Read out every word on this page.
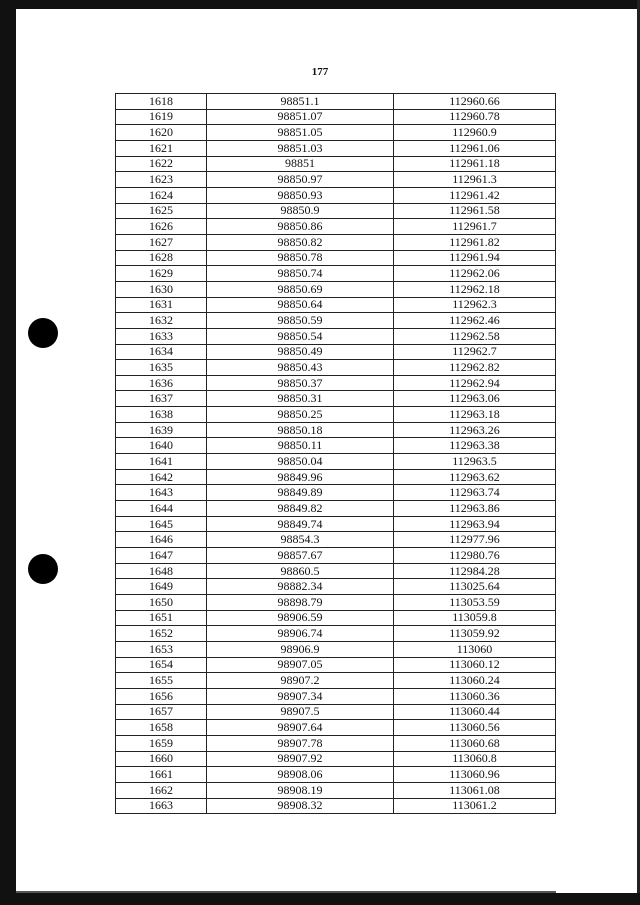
177
1618	98851.1	112960.66
1619	98851.07	112960.78
1620	98851.05	112960.9
1621	98851.03	112961.06
1622	98851	112961.18
1623	98850.97	112961.3
1624	98850.93	112961.42
1625	98850.9	112961.58
1626	98850.86	112961.7
1627	98850.82	112961.82
1628	98850.78	112961.94
1629	98850.74	112962.06
1630	98850.69	112962.18
1631	98850.64	112962.3
1632	98850.59	112962.46
1633	98850.54	112962.58
1634	98850.49	112962.7
1635	98850.43	112962.82
1636	98850.37	112962.94
1637	98850.31	112963.06
1638	98850.25	112963.18
1639	98850.18	112963.26
1640	98850.11	112963.38
1641	98850.04	112963.5
1642	98849.96	112963.62
1643	98849.89	112963.74
1644	98849.82	112963.86
1645	98849.74	112963.94
1646	98854.3	112977.96
1647	98857.67	112980.76
1648	98860.5	112984.28
1649	98882.34	113025.64
1650	98898.79	113053.59
1651	98906.59	113059.8
1652	98906.74	113059.92
1653	98906.9	113060
1654	98907.05	113060.12
1655	98907.2	113060.24
1656	98907.34	113060.36
1657	98907.5	113060.44
1658	98907.64	113060.56
1659	98907.78	113060.68
1660	98907.92	113060.8
1661	98908.06	113060.96
1662	98908.19	113061.08
1663	98908.32	113061.2
